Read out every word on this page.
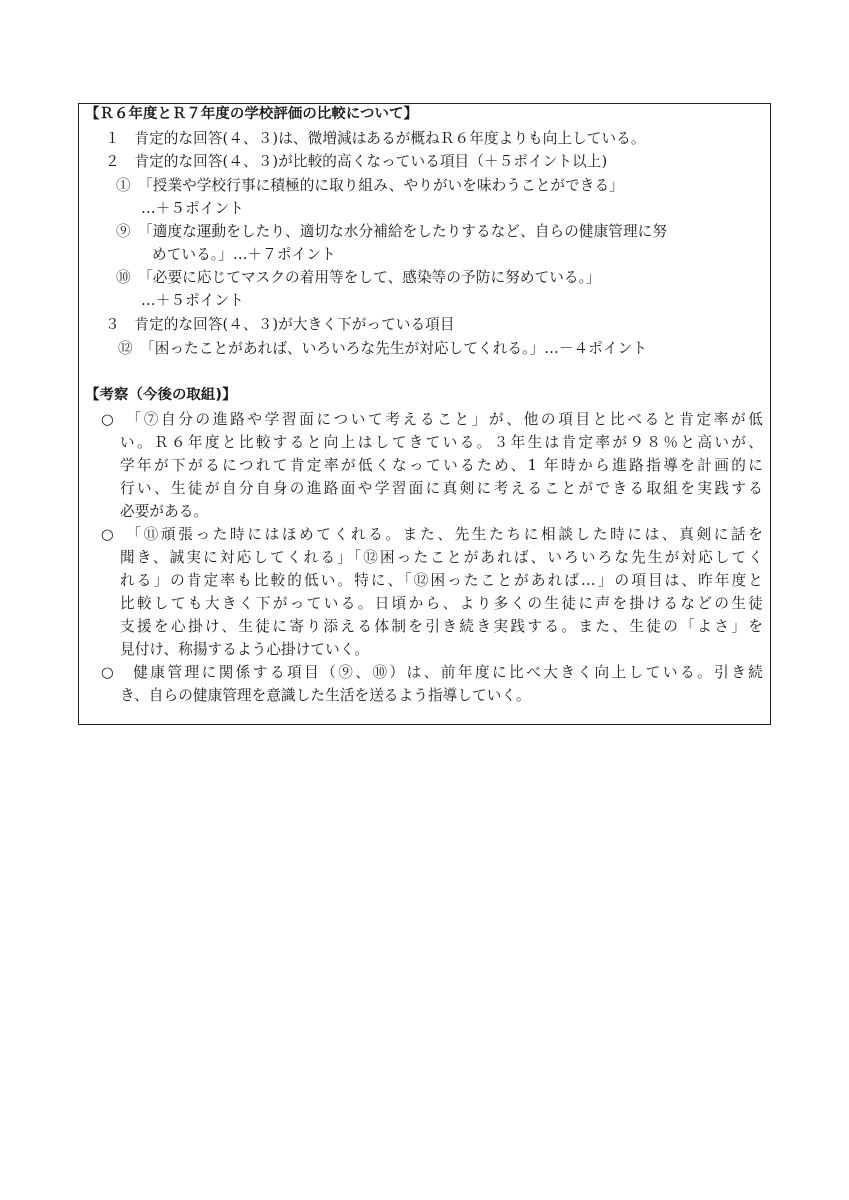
【Ｒ６年度とＲ７年度の学校評価の比較について】
１　肯定的な回答(４、３)は、微増減はあるが概ねＲ６年度よりも向上している。
２　肯定的な回答(４、３)が比較的高くなっている項目（＋５ポイント以上)
①　「授業や学校行事に積極的に取り組み、やりがいを味わうことができる」
…＋５ポイント
⑨　「適度な運動をしたり、適切な水分補給をしたりするなど、自らの健康管理に努
めている。」…＋７ポイント
⑩　「必要に応じてマスクの着用等をして、感染等の予防に努めている。」
…＋５ポイント
３　肯定的な回答(４、３)が大きく下がっている項目
⑫　「困ったことがあれば、いろいろな先生が対応してくれる。」…－４ポイント
【考察（今後の取組)】
○　「⑦自分の進路や学習面について考えること」が、他の項目と比べると肯定率が低
い。Ｒ６年度と比較すると向上はしてきている。３年生は肯定率が９８％と高いが、
学年が下がるにつれて肯定率が低くなっているため、1 年時から進路指導を計画的に
行い、生徒が自分自身の進路面や学習面に真剣に考えることができる取組を実践する
必要がある。
○　「⑪頑張った時にはほめてくれる。また、先生たちに相談した時には、真剣に話を
聞き、誠実に対応してくれる」「⑫困ったことがあれば、いろいろな先生が対応してく
れる」の肯定率も比較的低い。特に、「⑫困ったことがあれば…」の項目は、昨年度と
比較しても大きく下がっている。日頃から、より多くの生徒に声を掛けるなどの生徒
支援を心掛け、生徒に寄り添える体制を引き続き実践する。また、生徒の「よさ」を
見付け、称揚するよう心掛けていく。
○　健康管理に関係する項目（⑨、⑩）は、前年度に比べ大きく向上している。引き続
き、自らの健康管理を意識した生活を送るよう指導していく。
